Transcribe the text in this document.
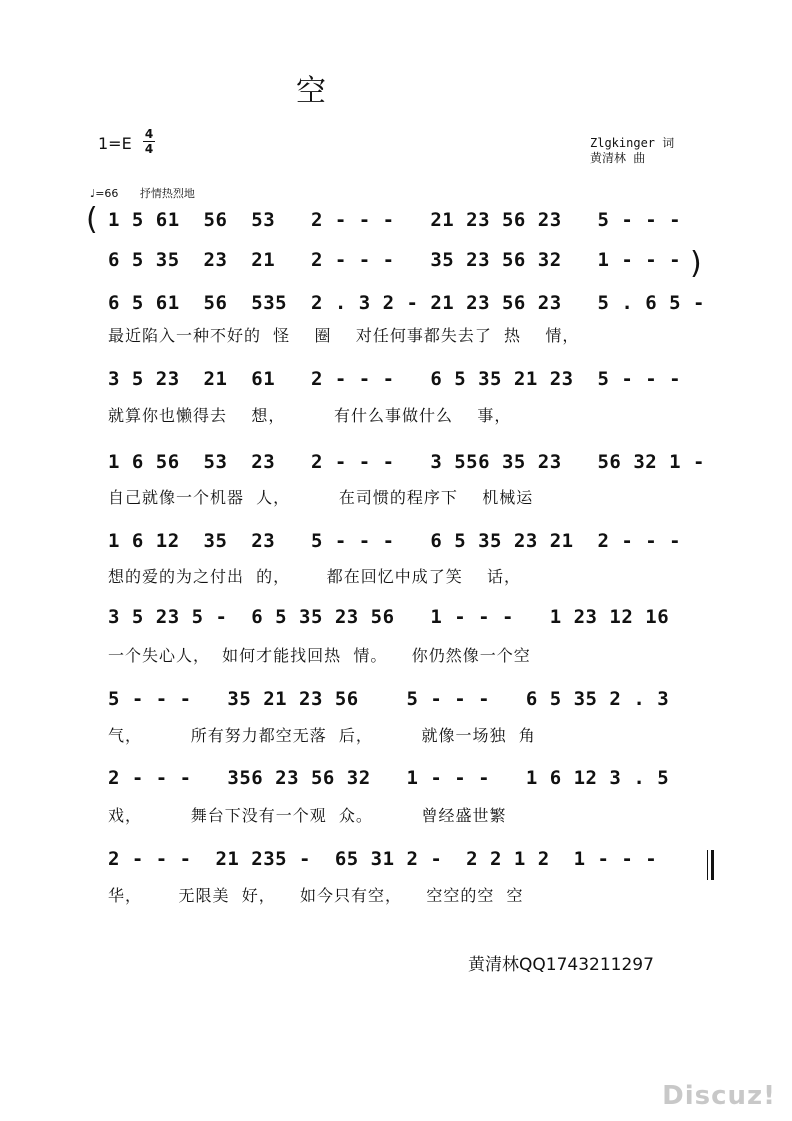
空
1=E 4
4	Zlgkinger 词
黄清林 曲
♩=66 抒情热烈地
(
)
1 5 61  56  53   2 - - -   21 23 56 23   5 - - -
6 5 35  23  21   2 - - -   35 23 56 32   1 - - -
6 5 61  56  535  2 . 3 2 - 21 23 56 23   5 . 6 5 -
3 5 23  21  61   2 - - -   6 5 35 21 23  5 - - -
1 6 56  53  23   2 - - -   3 556 35 23   56 32 1 -
1 6 12  35  23   5 - - -   6 5 35 23 21  2 - - -
3 5 23 5 -  6 5 35 23 56   1 - - -   1 23 12 16
5 - - -   35 21 23 56    5 - - -   6 5 35 2 . 3
2 - - -   356 23 56 32   1 - - -   1 6 12 3 . 5
2 - - -  21 235 -  65 31 2 -  2 2 1 2  1 - - -
最近陷入一种不好的  怪    圈    对任何事都失去了  热    情，
就算你也懒得去    想，        有什么事做什么    事，
自己就像一个机器  人，        在司惯的程序下    机械运
想的爱的为之付出  的，      都在回忆中成了笑    话，
一个失心人，  如何才能找回热  情。    你仍然像一个空
气，        所有努力都空无落  后，        就像一场独  角
戏，        舞台下没有一个观  众。        曾经盛世繁
华，      无限美  好，    如今只有空，    空空的空  空
黄清林QQ1743211297
Discuz!
